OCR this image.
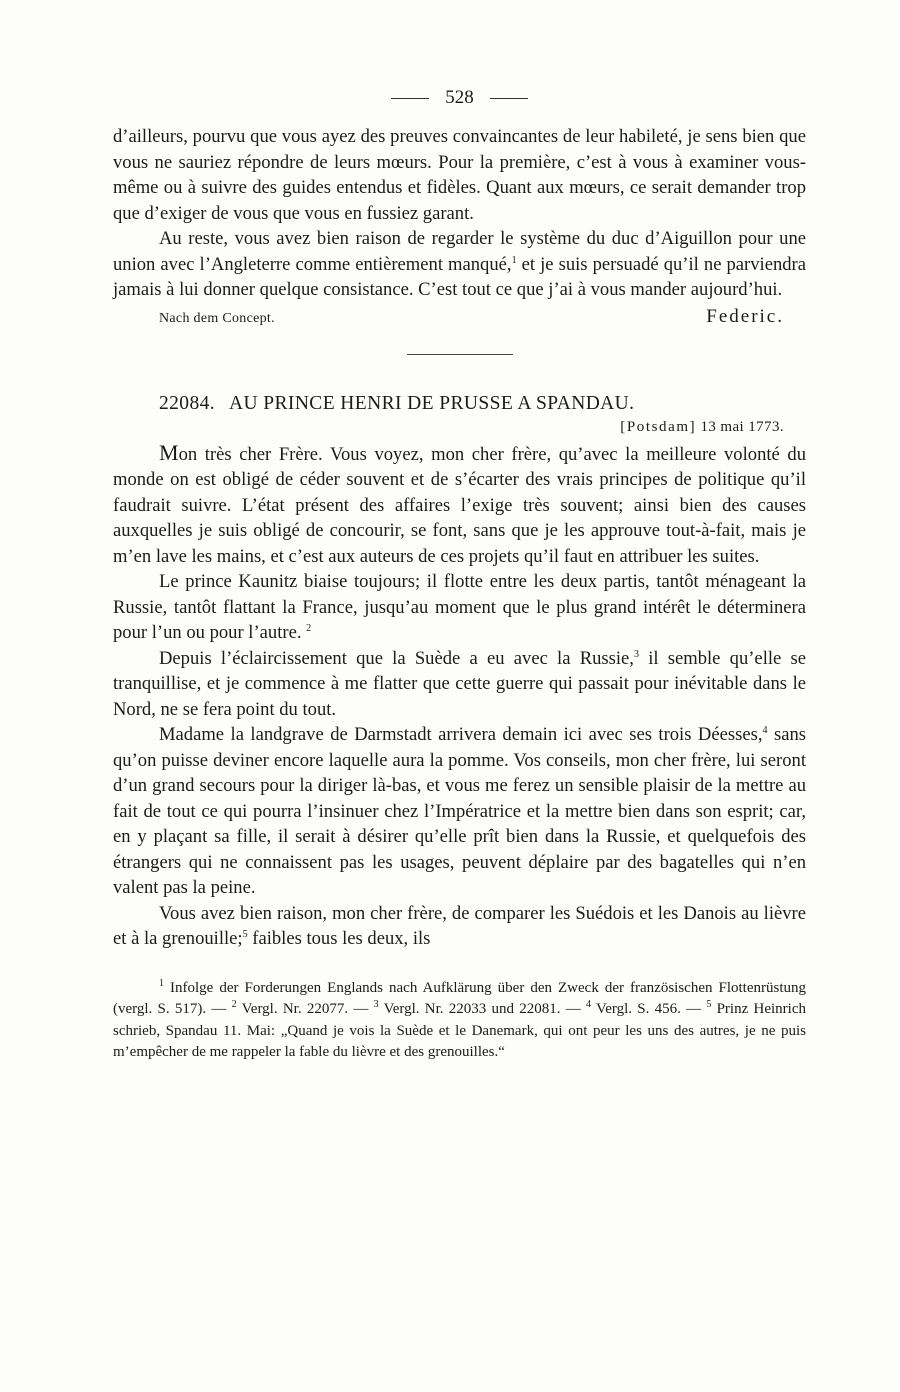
528

d’ailleurs, pourvu que vous ayez des preuves convaincantes de leur habileté, je sens bien que vous ne sauriez répondre de leurs mœurs. Pour la première, c’est à vous à examiner vous-même ou à suivre des guides entendus et fidèles. Quant aux mœurs, ce serait demander trop que d’exiger de vous que vous en fussiez garant.

Au reste, vous avez bien raison de regarder le système du duc d’Aiguillon pour une union avec l’Angleterre comme entièrement manqué,$^1$ et je suis persuadé qu’il ne parviendra jamais à lui donner quelque consistance. C’est tout ce que j’ai à vous mander aujourd’hui.

Nach dem Concept.	Federic.
22084. AU PRINCE HENRI DE PRUSSE A SPANDAU.
[Potsdam] 13 mai 1773.

Mon très cher Frère. Vous voyez, mon cher frère, qu’avec la meilleure volonté du monde on est obligé de céder souvent et de s’écarter des vrais principes de politique qu’il faudrait suivre. L’état présent des affaires l’exige très souvent; ainsi bien des causes auxquelles je suis obligé de concourir, se font, sans que je les approuve tout-à-fait, mais je m’en lave les mains, et c’est aux auteurs de ces projets qu’il faut en attribuer les suites.

Le prince Kaunitz biaise toujours; il flotte entre les deux partis, tantôt ménageant la Russie, tantôt flattant la France, jusqu’au moment que le plus grand intérêt le déterminera pour l’un ou pour l’autre. $^2$

Depuis l’éclaircissement que la Suède a eu avec la Russie,$^3$ il semble qu’elle se tranquillise, et je commence à me flatter que cette guerre qui passait pour inévitable dans le Nord, ne se fera point du tout.

Madame la landgrave de Darmstadt arrivera demain ici avec ses trois Déesses,$^4$ sans qu’on puisse deviner encore laquelle aura la pomme. Vos conseils, mon cher frère, lui seront d’un grand secours pour la diriger là-bas, et vous me ferez un sensible plaisir de la mettre au fait de tout ce qui pourra l’insinuer chez l’Impératrice et la mettre bien dans son esprit; car, en y plaçant sa fille, il serait à désirer qu’elle prît bien dans la Russie, et quelquefois des étrangers qui ne connaissent pas les usages, peuvent déplaire par des bagatelles qui n’en valent pas la peine.

Vous avez bien raison, mon cher frère, de comparer les Suédois et les Danois au lièvre et à la grenouille;$^5$ faibles tous les deux, ils

$^1$ Infolge der Forderungen Englands nach Aufklärung über den Zweck der französischen Flottenrüstung (vergl. S. 517). — $^2$ Vergl. Nr. 22077. — $^3$ Vergl. Nr. 22033 und 22081. — $^4$ Vergl. S. 456. — $^5$ Prinz Heinrich schrieb, Spandau 11. Mai: „Quand je vois la Suède et le Danemark, qui ont peur les uns des autres, je ne puis m’empêcher de me rappeler la fable du lièvre et des grenouilles.“
